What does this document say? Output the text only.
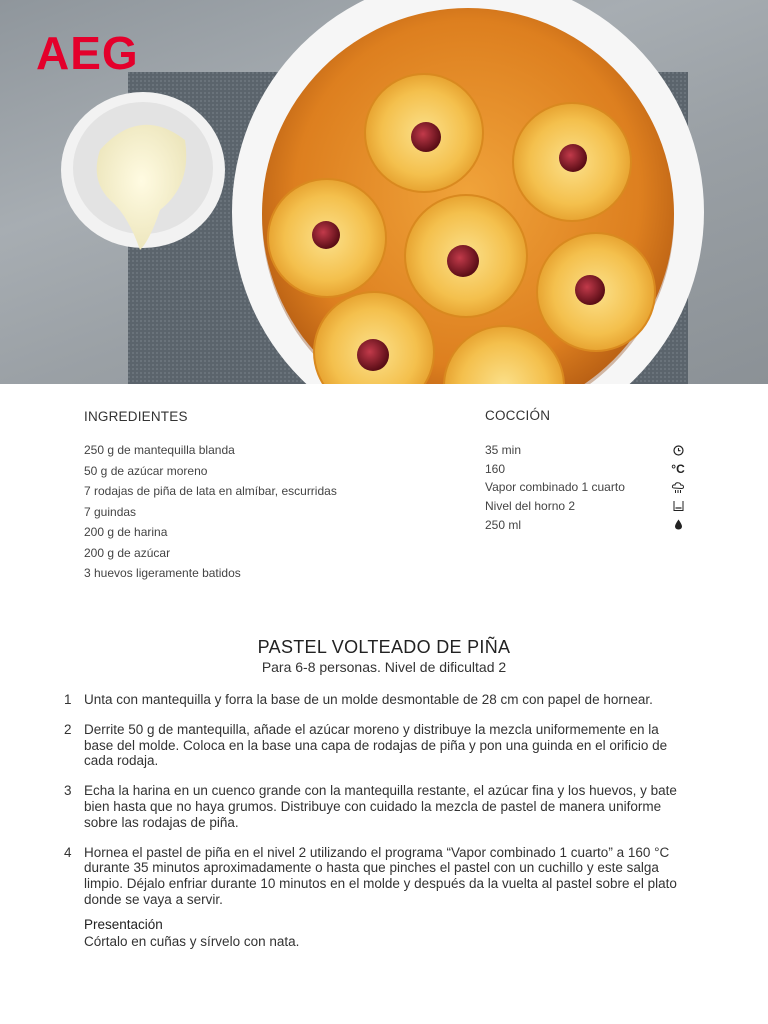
AEG
INGREDIENTES
250 g de mantequilla blanda
50 g de azúcar moreno
7 rodajas de piña de lata en almíbar, escurridas
7 guindas
200 g de harina
200 g de azúcar
3 huevos ligeramente batidos
COCCIÓN
35 min
160	°C
Vapor combinado 1 cuarto
Nivel del horno 2
250 ml
PASTEL VOLTEADO DE PIÑA
Para 6-8 personas. Nivel de dificultad 2
1 Unta con mantequilla y forra la base de un molde desmontable de 28 cm con papel de hornear.
2 Derrite 50 g de mantequilla, añade el azúcar moreno y distribuye la mezcla uniformemente en la base del molde. Coloca en la base una capa de rodajas de piña y pon una guinda en el orificio de cada rodaja.
3 Echa la harina en un cuenco grande con la mantequilla restante, el azúcar fina y los huevos, y bate bien hasta que no haya grumos. Distribuye con cuidado la mezcla de pastel de manera uniforme sobre las rodajas de piña.
4 Hornea el pastel de piña en el nivel 2 utilizando el programa “Vapor combinado 1 cuarto” a 160 °C durante 35 minutos aproximadamente o hasta que pinches el pastel con un cuchillo y este salga limpio. Déjalo enfriar durante 10 minutos en el molde y después da la vuelta al pastel sobre el plato donde se vaya a servir.
Presentación
Córtalo en cuñas y sírvelo con nata.
